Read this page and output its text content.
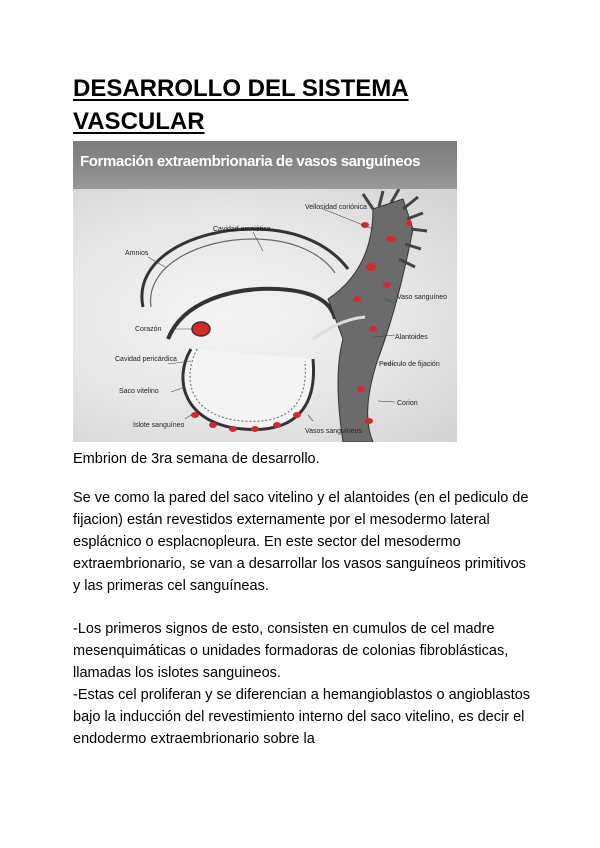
DESARROLLO DEL SISTEMA VASCULAR
Formación extraembrionaria de vasos sanguíneos
Vellosidad coriónica
Cavidad amniótica
Amnios
Vaso sanguíneo
Corazón
Alantoides
Cavidad pericárdica
Pedículo de fijación
Saco vitelino
Corion
Islote sanguíneo
Vasos sanguíneos

Embrion de 3ra semana de desarrollo.

Se ve como la pared del saco vitelino y el alantoides (en el pediculo de fijacion) están revestidos externamente por el mesodermo lateral esplácnico o esplacnopleura. En este sector del mesodermo extraembrionario, se van a desarrollar los vasos sanguíneos primitivos y las primeras cel sanguíneas.

-Los primeros signos de esto, consisten en cumulos de cel madre mesenquimáticas o unidades formadoras de colonias fibroblásticas, llamadas los islotes sanguineos.

-Estas cel proliferan y se diferencian a hemangioblastos o angioblastos bajo la inducción del revestimiento interno del saco vitelino, es decir el endodermo extraembrionario sobre la
